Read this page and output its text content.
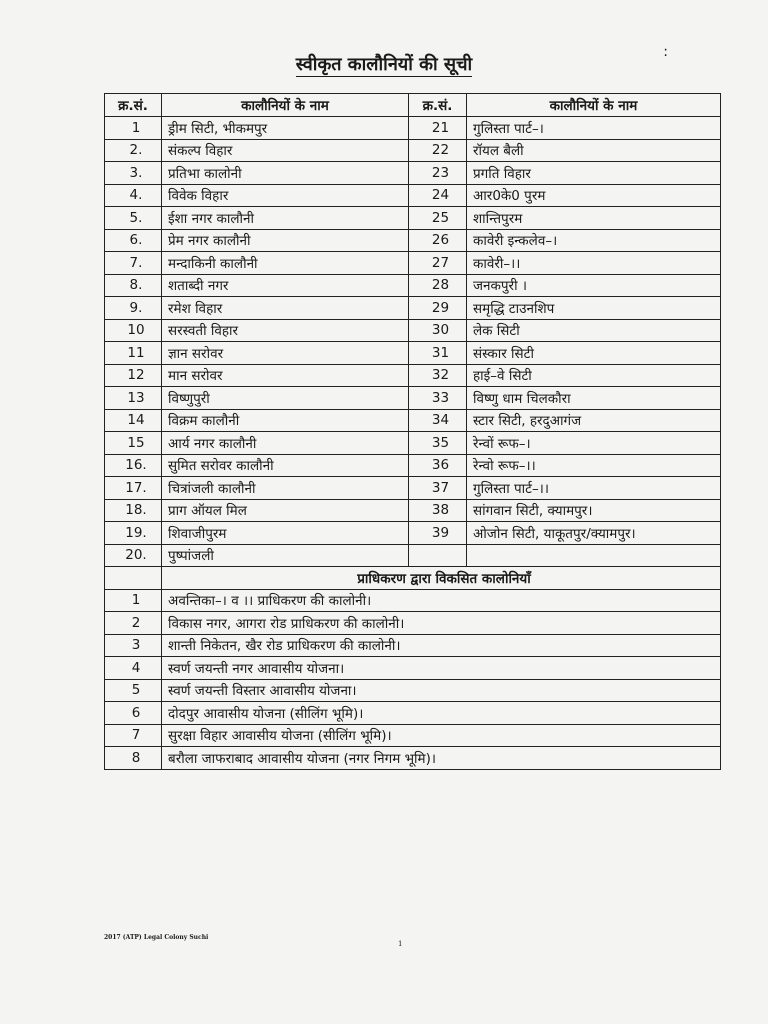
स्वीकृत कालौनियों की सूची
:
क्र.सं.	कालौनियों के नाम	क्र.सं.	कालौनियों के नाम
1	ड्रीम सिटी, भीकमपुर	21	गुलिस्ता पार्ट–।
2.	संकल्प विहार	22	रॉयल बैली
3.	प्रतिभा कालोनी	23	प्रगति विहार
4.	विवेक विहार	24	आर0के0 पुरम
5.	ईशा नगर कालौनी	25	शान्तिपुरम
6.	प्रेम नगर कालौनी	26	कावेरी इन्कलेव–।
7.	मन्दाकिनी कालौनी	27	कावेरी–।।
8.	शताब्दी नगर	28	जनकपुरी ।
9.	रमेश विहार	29	समृद्धि टाउनशिप
10	सरस्वती विहार	30	लेक सिटी
11	ज्ञान सरोवर	31	संस्कार सिटी
12	मान सरोवर	32	हाई–वे सिटी
13	विष्णुपुरी	33	विष्णु धाम चिलकौरा
14	विक्रम कालौनी	34	स्टार सिटी, हरदुआगंज
15	आर्य नगर कालौनी	35	रेन्वों रूफ–।
16.	सुमित सरोवर कालौनी	36	रेन्वो रूफ–।।
17.	चित्रांजली कालौनी	37	गुलिस्ता पार्ट–।।
18.	प्राग ऑयल मिल	38	सांगवान सिटी, क्यामपुर।
19.	शिवाजीपुरम	39	ओजोन सिटी, याकूतपुर/क्यामपुर।
20.	पुष्पांजली		
	प्राधिकरण द्वारा विकसित कालोनियाँ		
1	अवन्तिका–। व ।। प्राधिकरण की कालोनी।		
2	विकास नगर, आगरा रोड प्राधिकरण की कालोनी।		
3	शान्ती निकेतन, खैर रोड प्राधिकरण की कालोनी।		
4	स्वर्ण जयन्ती नगर आवासीय योजना।		
5	स्वर्ण जयन्ती विस्तार आवासीय योजना।		
6	दोदपुर आवासीय योजना (सीलिंग भूमि)।		
7	सुरक्षा विहार आवासीय योजना (सीलिंग भूमि)।		
8	बरौला जाफराबाद आवासीय योजना (नगर निगम भूमि)।		
2017 (ATP) Legal Colony Suchi
1
